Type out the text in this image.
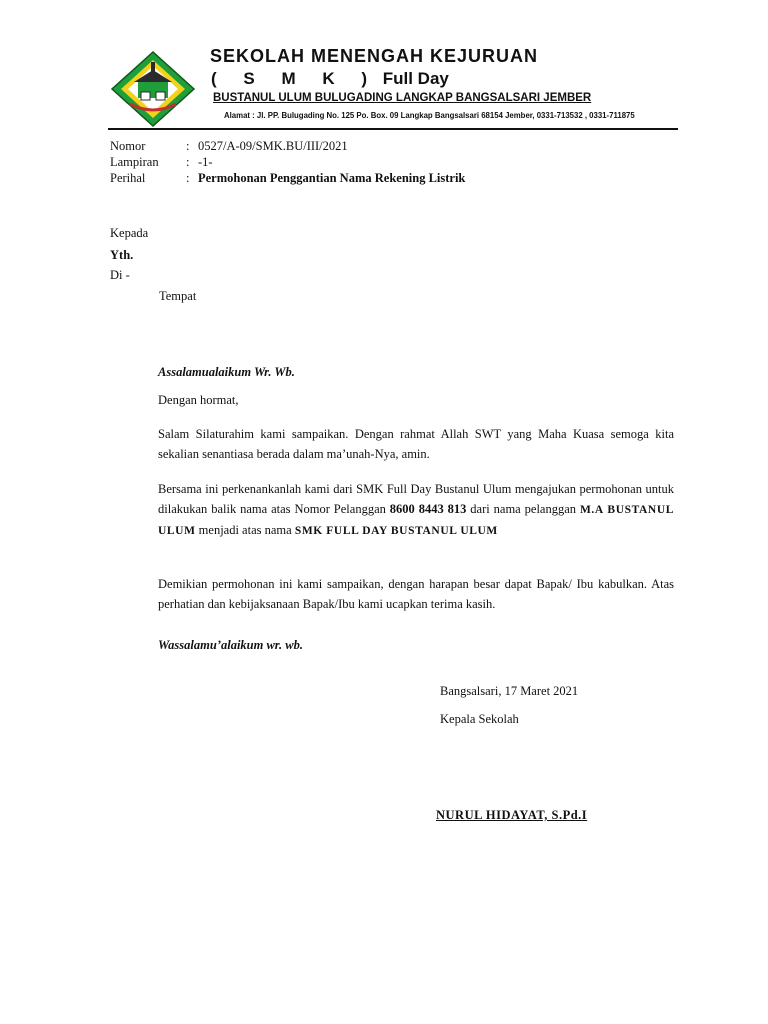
SEKOLAH MENENGAH KEJURUAN
( S M K ) Full Day
BUSTANUL ULUM BULUGADING LANGKAP BANGSALSARI JEMBER
Alamat : Jl. PP. Bulugading No. 125 Po. Box. 09 Langkap Bangsalsari 68154 Jember, 0331-713532 , 0331-711875
Nomor	: 0527/A-09/SMK.BU/III/2021
Lampiran	: -1-
Perihal	: Permohonan Penggantian Nama Rekening Listrik
Kepada
Yth.
Di -
Tempat
Assalamualaikum Wr. Wb.
Dengan hormat,
Salam Silaturahim kami sampaikan. Dengan rahmat Allah SWT yang Maha Kuasa semoga kita sekalian senantiasa berada dalam ma’unah-Nya, amin.
Bersama ini perkenankanlah kami dari SMK Full Day Bustanul Ulum mengajukan permohonan untuk dilakukan balik nama atas Nomor Pelanggan 8600 8443 813 dari nama pelanggan M.A BUSTANUL ULUM menjadi atas nama SMK FULL DAY BUSTANUL ULUM
Demikian permohonan ini kami sampaikan, dengan harapan besar dapat Bapak/ Ibu kabulkan. Atas perhatian dan kebijaksanaan Bapak/Ibu kami ucapkan terima kasih.
Wassalamu’alaikum wr. wb.
Bangsalsari, 17 Maret 2021
Kepala Sekolah
NURUL HIDAYAT, S.Pd.I
